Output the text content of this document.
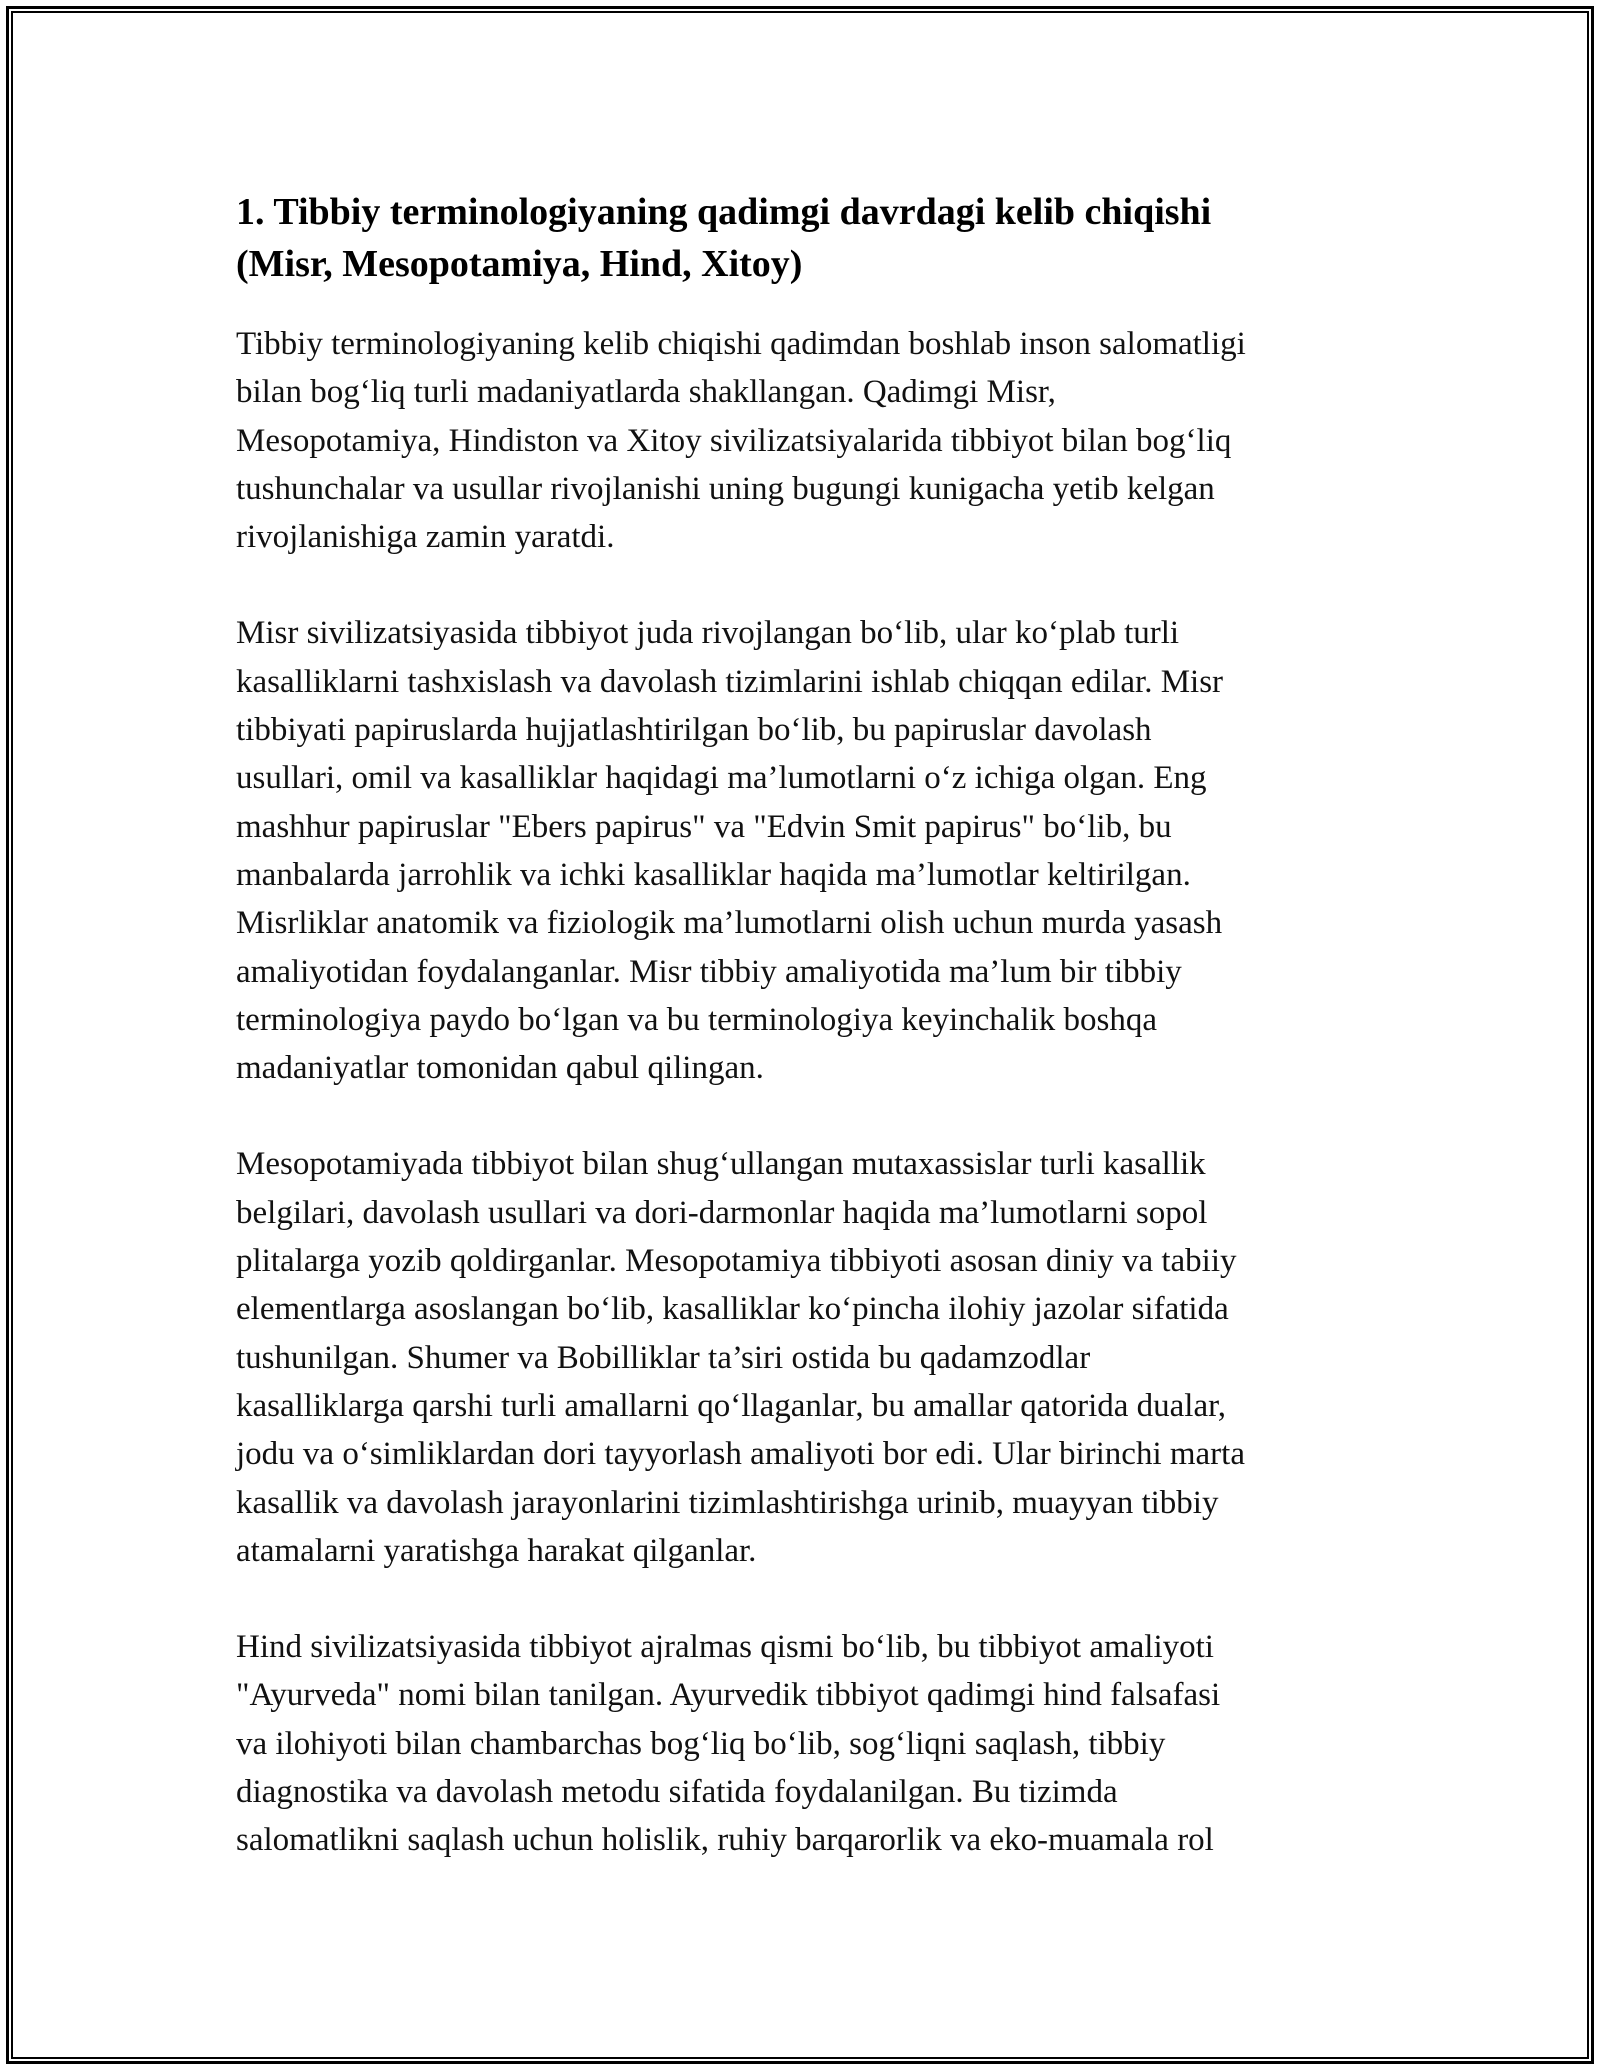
1. Tibbiy terminologiyaning qadimgi davrdagi kelib chiqishi
(Misr, Mesopotamiya, Hind, Xitoy)

Tibbiy terminologiyaning kelib chiqishi qadimdan boshlab inson salomatligi
bilan bog‘liq turli madaniyatlarda shakllangan. Qadimgi Misr,
Mesopotamiya, Hindiston va Xitoy sivilizatsiyalarida tibbiyot bilan bog‘liq
tushunchalar va usullar rivojlanishi uning bugungi kunigacha yetib kelgan
rivojlanishiga zamin yaratdi.

Misr sivilizatsiyasida tibbiyot juda rivojlangan bo‘lib, ular ko‘plab turli
kasalliklarni tashxislash va davolash tizimlarini ishlab chiqqan edilar. Misr
tibbiyati papiruslarda hujjatlashtirilgan bo‘lib, bu papiruslar davolash
usullari, omil va kasalliklar haqidagi ma’lumotlarni o‘z ichiga olgan. Eng
mashhur papiruslar "Ebers papirus" va "Edvin Smit papirus" bo‘lib, bu
manbalarda jarrohlik va ichki kasalliklar haqida ma’lumotlar keltirilgan.
Misrliklar anatomik va fiziologik ma’lumotlarni olish uchun murda yasash
amaliyotidan foydalanganlar. Misr tibbiy amaliyotida ma’lum bir tibbiy
terminologiya paydo bo‘lgan va bu terminologiya keyinchalik boshqa
madaniyatlar tomonidan qabul qilingan.

Mesopotamiyada tibbiyot bilan shug‘ullangan mutaxassislar turli kasallik
belgilari, davolash usullari va dori-darmonlar haqida ma’lumotlarni sopol
plitalarga yozib qoldirganlar. Mesopotamiya tibbiyoti asosan diniy va tabiiy
elementlarga asoslangan bo‘lib, kasalliklar ko‘pincha ilohiy jazolar sifatida
tushunilgan. Shumer va Bobilliklar ta’siri ostida bu qadamzodlar
kasalliklarga qarshi turli amallarni qo‘llaganlar, bu amallar qatorida dualar,
jodu va o‘simliklardan dori tayyorlash amaliyoti bor edi. Ular birinchi marta
kasallik va davolash jarayonlarini tizimlashtirishga urinib, muayyan tibbiy
atamalarni yaratishga harakat qilganlar.

Hind sivilizatsiyasida tibbiyot ajralmas qismi bo‘lib, bu tibbiyot amaliyoti
"Ayurveda" nomi bilan tanilgan. Ayurvedik tibbiyot qadimgi hind falsafasi
va ilohiyoti bilan chambarchas bog‘liq bo‘lib, sog‘liqni saqlash, tibbiy
diagnostika va davolash metodu sifatida foydalanilgan. Bu tizimda
salomatlikni saqlash uchun holislik, ruhiy barqarorlik va eko-muamala rol
